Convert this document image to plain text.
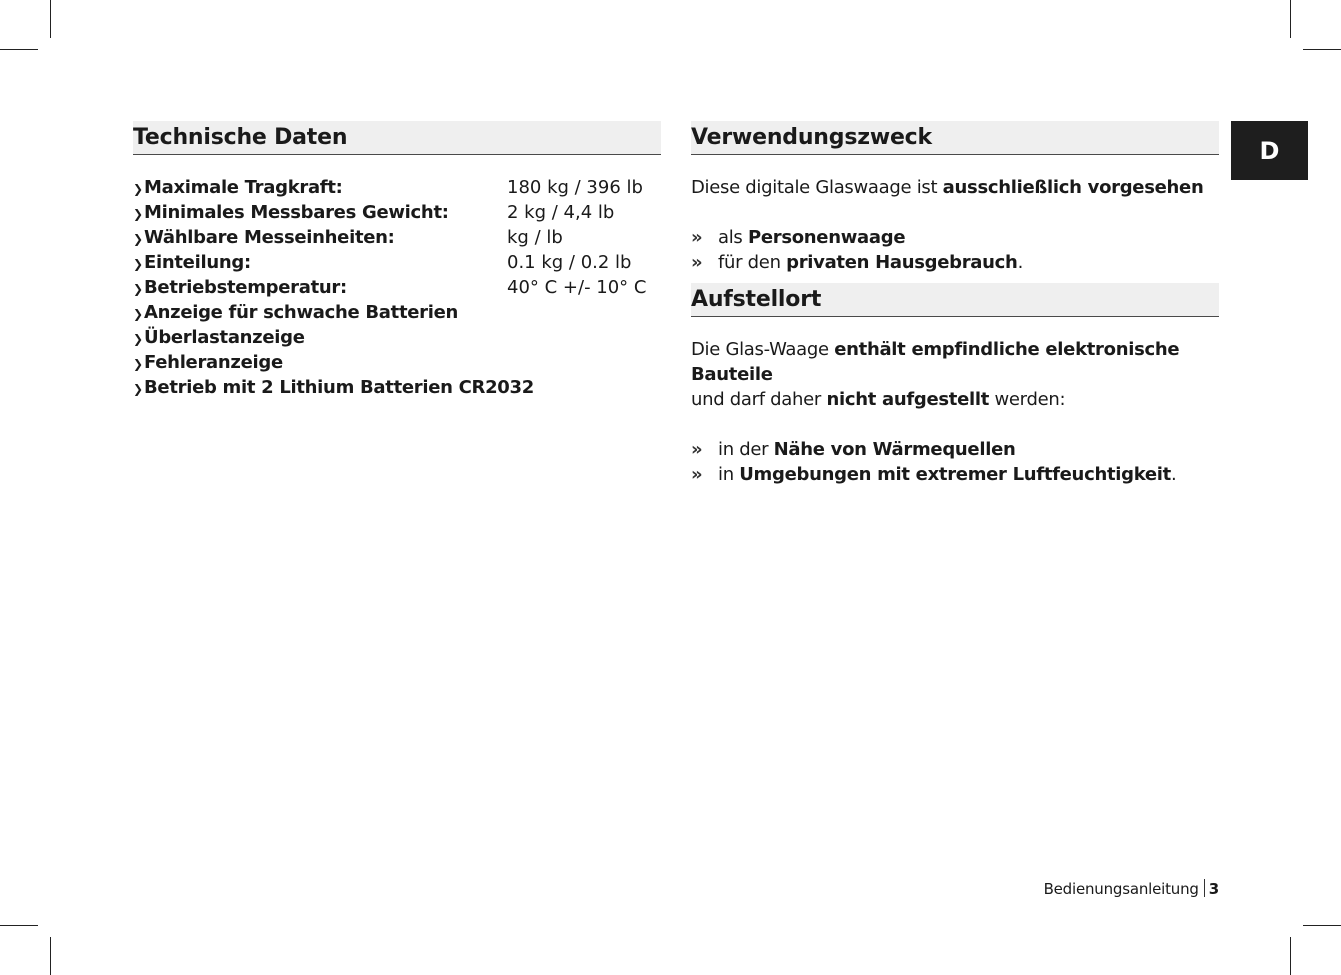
Technische Daten
❯Maximale Tragkraft:	180 kg / 396 lb
❯Minimales Messbares Gewicht:	2 kg / 4,4 lb
❯Wählbare Messeinheiten:	kg / lb
❯Einteilung:	0.1 kg / 0.2 lb
❯Betriebstemperatur:	40° C +/- 10° C
❯Anzeige für schwache Batterien
❯Überlastanzeige
❯Fehleranzeige
❯Betrieb mit 2 Lithium Batterien CR2032
Verwendungszweck
Diese digitale Glaswaage ist ausschließlich vorgesehen
» als Personenwaage
» für den privaten Hausgebrauch.
Aufstellort
Die Glas-Waage enthält empfindliche elektronische Bauteile
und darf daher nicht aufgestellt werden:
» in der Nähe von Wärmequellen
» in Umgebungen mit extremer Luftfeuchtigkeit.
D
Bedienungsanleitung 3
